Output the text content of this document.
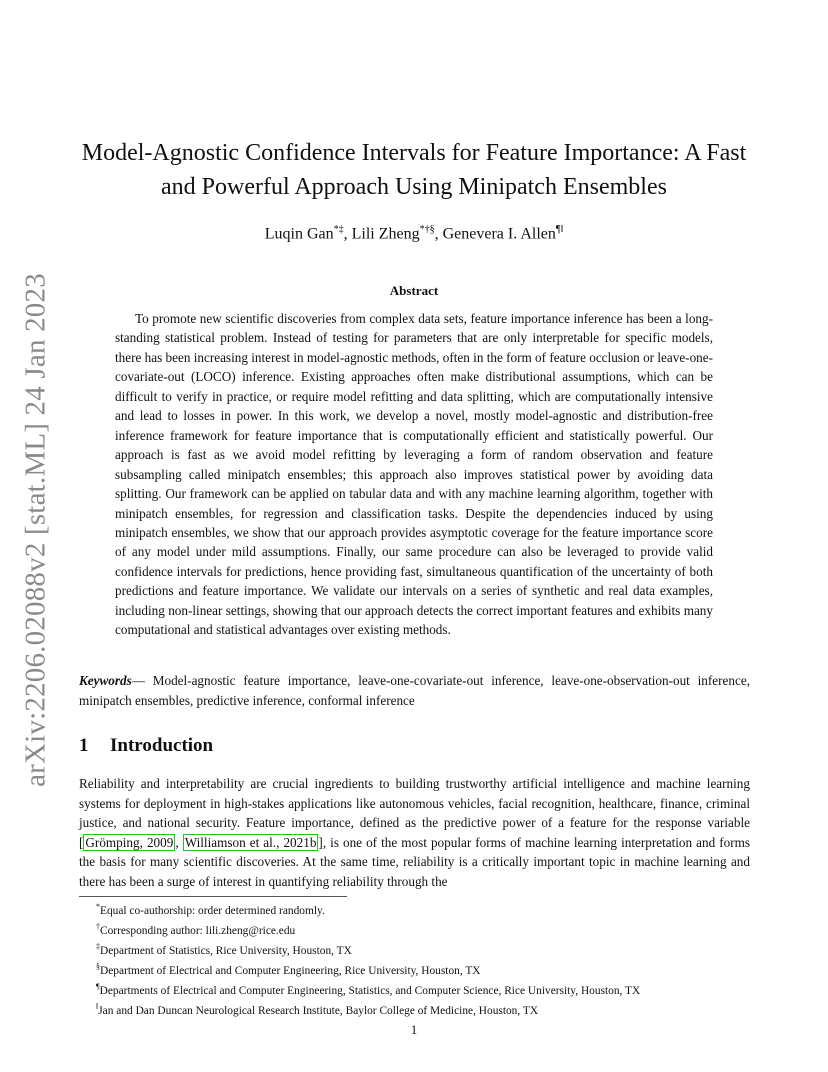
arXiv:2206.02088v2 [stat.ML] 24 Jan 2023
Model-Agnostic Confidence Intervals for Feature Importance: A Fast
and Powerful Approach Using Minipatch Ensembles
Luqin Gan*‡, Lili Zheng*†§, Genevera I. Allen¶‖
Abstract
To promote new scientific discoveries from complex data sets, feature importance inference has been a long-standing statistical problem. Instead of testing for parameters that are only interpretable for specific models, there has been increasing interest in model-agnostic methods, often in the form of feature occlusion or leave-one-covariate-out (LOCO) inference. Existing approaches often make distributional assumptions, which can be difficult to verify in practice, or require model refitting and data splitting, which are computationally intensive and lead to losses in power. In this work, we develop a novel, mostly model-agnostic and distribution-free inference framework for feature importance that is computationally efficient and statistically powerful. Our approach is fast as we avoid model refitting by leveraging a form of random observation and feature subsampling called minipatch ensembles; this approach also improves statistical power by avoiding data splitting. Our framework can be applied on tabular data and with any machine learning algorithm, together with minipatch ensembles, for regression and classification tasks. Despite the dependencies induced by using minipatch ensembles, we show that our approach provides asymptotic coverage for the feature importance score of any model under mild assumptions. Finally, our same procedure can also be leveraged to provide valid confidence intervals for predictions, hence providing fast, simultaneous quantification of the uncertainty of both predictions and feature importance. We validate our intervals on a series of synthetic and real data examples, including non-linear settings, showing that our approach detects the correct important features and exhibits many computational and statistical advantages over existing methods.
Keywords— Model-agnostic feature importance, leave-one-covariate-out inference, leave-one-observation-out inference, minipatch ensembles, predictive inference, conformal inference
1 Introduction
Reliability and interpretability are crucial ingredients to building trustworthy artificial intelligence and machine learning systems for deployment in high-stakes applications like autonomous vehicles, facial recognition, healthcare, finance, criminal justice, and national security. Feature importance, defined as the predictive power of a feature for the response variable [ Grömping, 2009 , Williamson et al., 2021b ], is one of the most popular forms of machine learning interpretation and forms the basis for many scientific discoveries. At the same time, reliability is a critically important topic in machine learning and there has been a surge of interest in quantifying reliability through the
*Equal co-authorship: order determined randomly.
†Corresponding author: lili.zheng@rice.edu
‡Department of Statistics, Rice University, Houston, TX
§Department of Electrical and Computer Engineering, Rice University, Houston, TX
¶Departments of Electrical and Computer Engineering, Statistics, and Computer Science, Rice University, Houston, TX
‖Jan and Dan Duncan Neurological Research Institute, Baylor College of Medicine, Houston, TX
1
